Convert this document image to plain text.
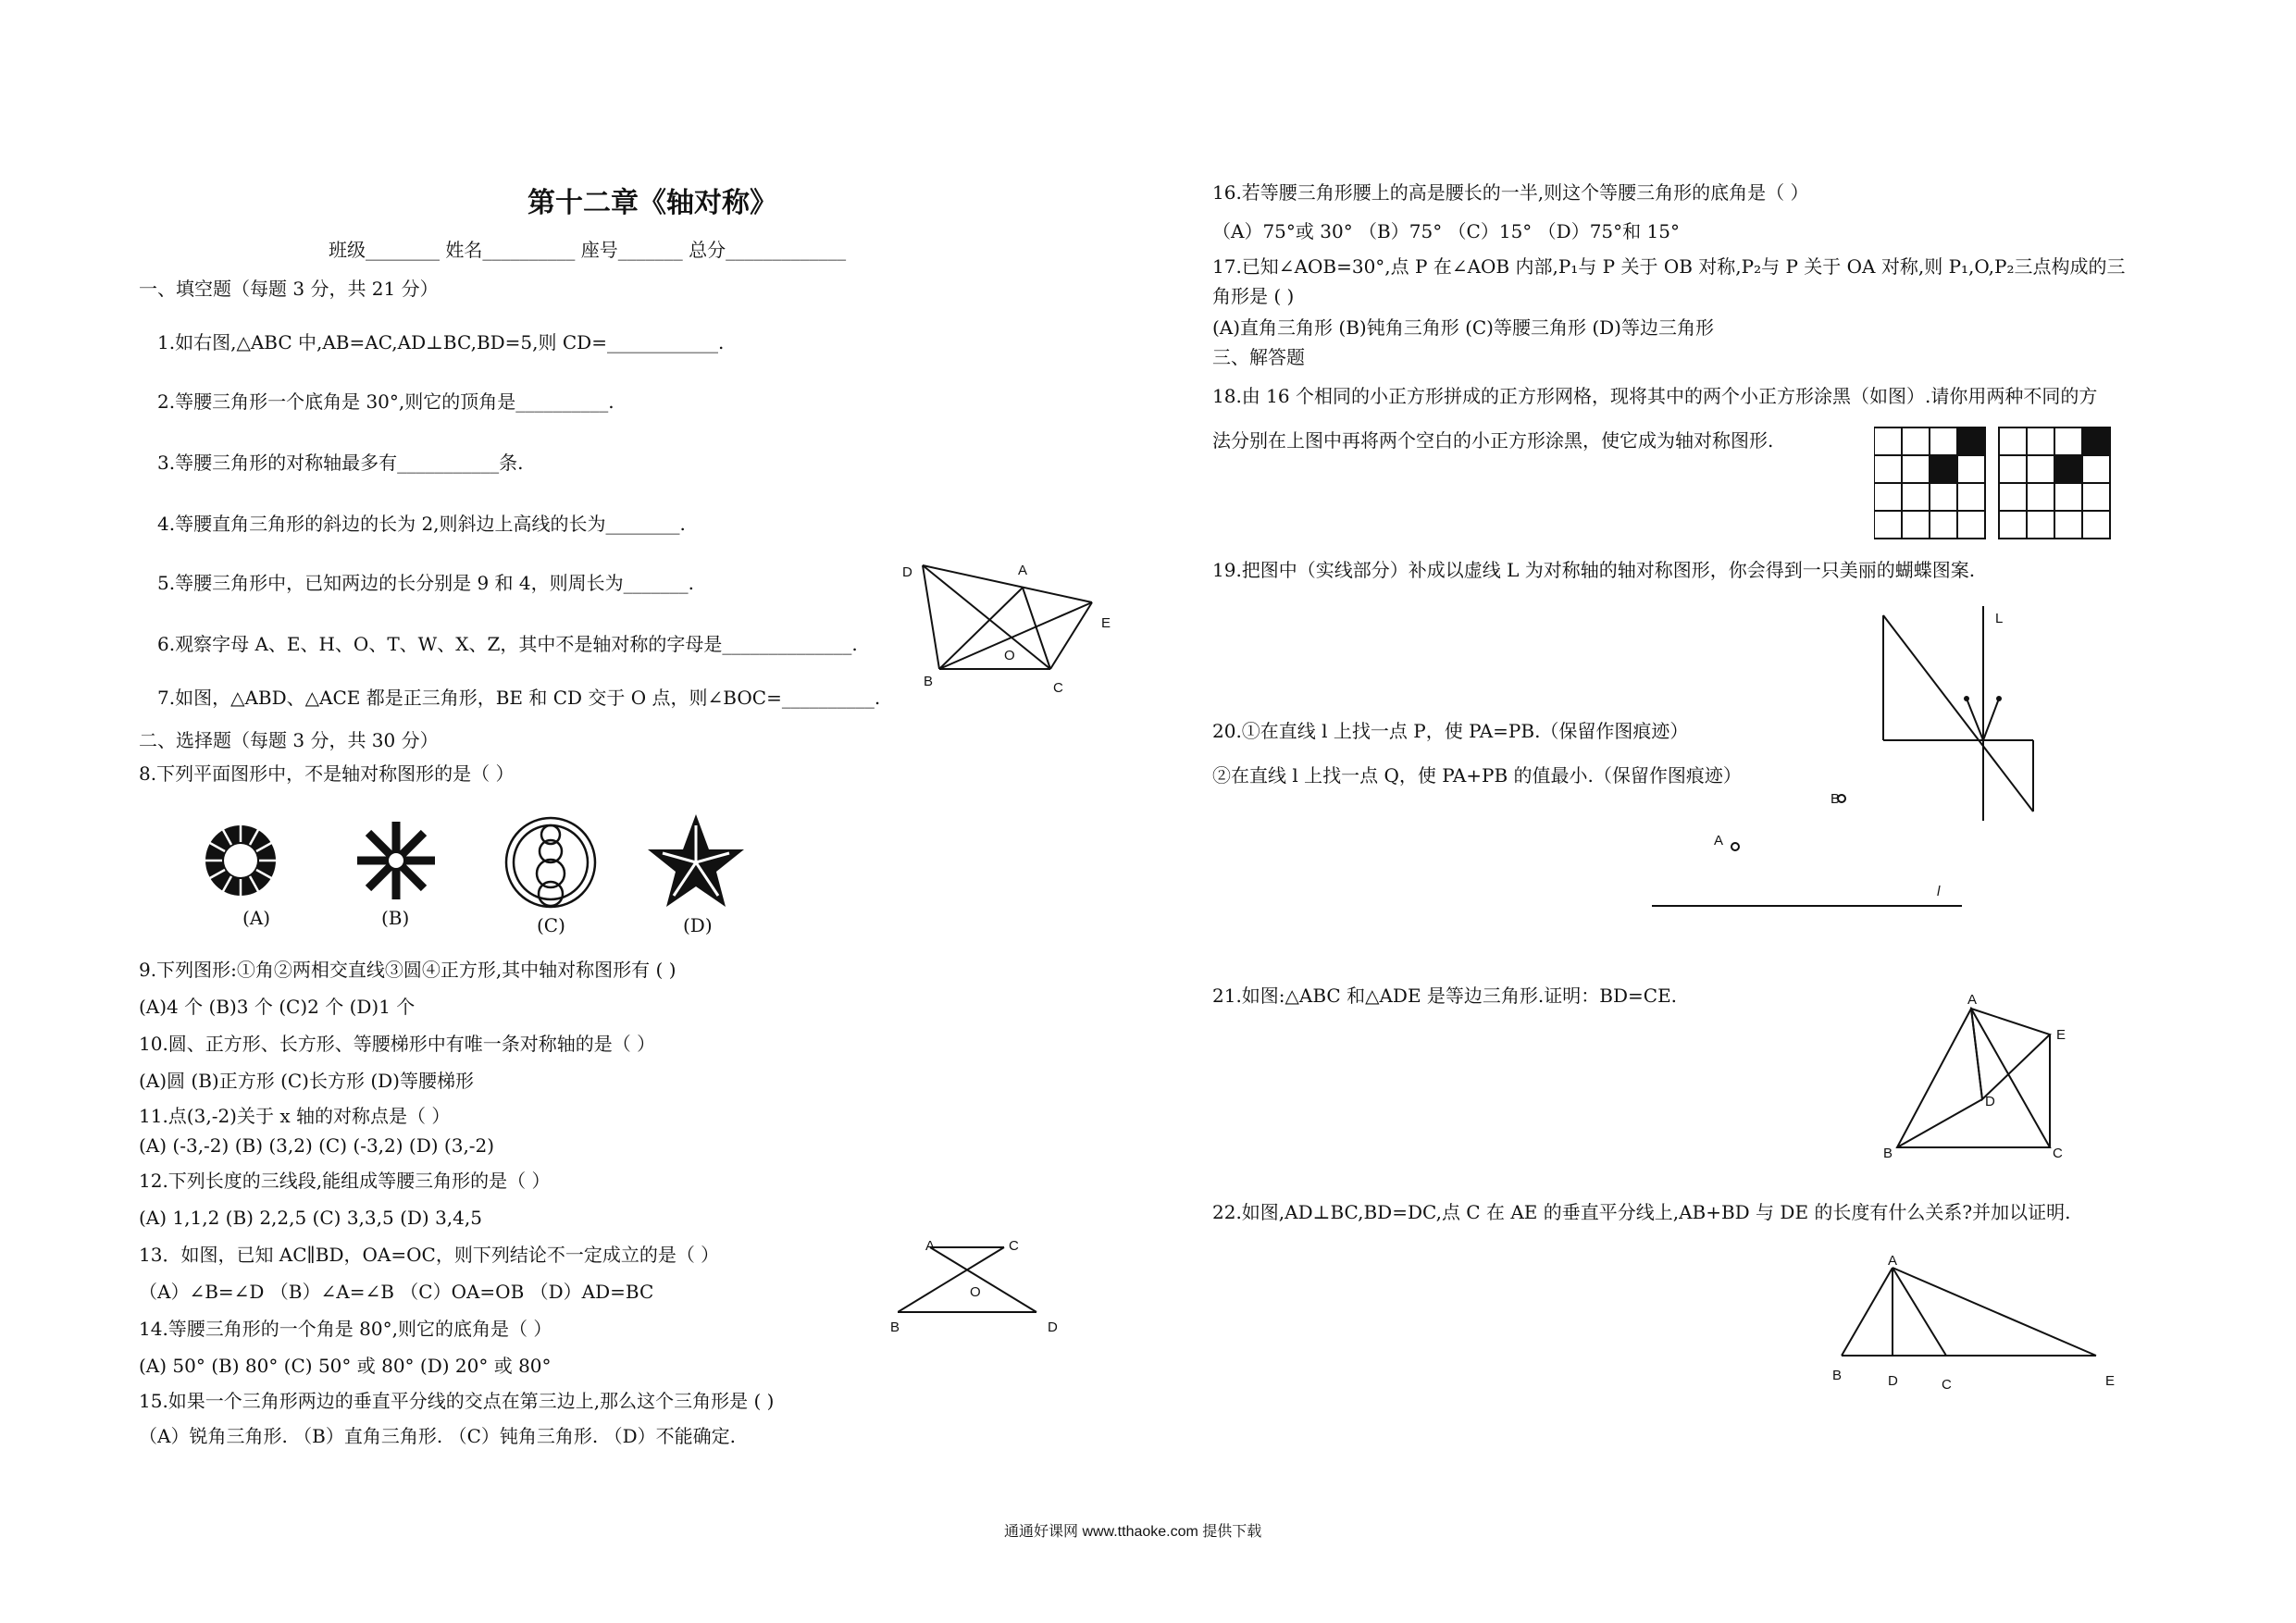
第十二章《轴对称》
班级________ 姓名__________ 座号_______ 总分_____________
一、填空题（每题 3 分，共 21 分）
1.如右图,△ABC 中,AB=AC,AD⊥BC,BD=5,则 CD=____________.
2.等腰三角形一个底角是 30°,则它的顶角是__________.
3.等腰三角形的对称轴最多有___________条.
4.等腰直角三角形的斜边的长为 2,则斜边上高线的长为________.
5.等腰三角形中，已知两边的长分别是 9 和 4，则周长为_______.
6.观察字母 A、E、H、O、T、W、X、Z，其中不是轴对称的字母是______________.
7.如图，△ABD、△ACE 都是正三角形，BE 和 CD 交于 O 点，则∠BOC=__________.
二、选择题（每题 3 分，共 30 分）
8.下列平面图形中，不是轴对称图形的是（ ）
(A)	(B)	(C)	(D)
9.下列图形:①角②两相交直线③圆④正方形,其中轴对称图形有 ( )
(A)4 个 (B)3 个 (C)2 个 (D)1 个
10.圆、正方形、长方形、等腰梯形中有唯一条对称轴的是（ ）
(A)圆 (B)正方形 (C)长方形 (D)等腰梯形
11.点(3,-2)关于 x 轴的对称点是（ ）
(A) (-3,-2) (B) (3,2) (C) (-3,2) (D) (3,-2)
12.下列长度的三线段,能组成等腰三角形的是（ ）
(A) 1,1,2 (B) 2,2,5 (C) 3,3,5 (D) 3,4,5
13．如图，已知 AC∥BD，OA=OC，则下列结论不一定成立的是（ ）
（A）∠B=∠D （B）∠A=∠B （C）OA=OB （D）AD=BC
14.等腰三角形的一个角是 80°,则它的底角是（ ）
(A) 50° (B) 80° (C) 50° 或 80° (D) 20° 或 80°
15.如果一个三角形两边的垂直平分线的交点在第三边上,那么这个三角形是 ( )
（A）锐角三角形. （B）直角三角形. （C）钝角三角形. （D）不能确定.
D	A
E
O
B	C
A	C
O
B	D
16.若等腰三角形腰上的高是腰长的一半,则这个等腰三角形的底角是（ ）
（A）75°或 30° （B）75° （C）15° （D）75°和 15°
17.已知∠AOB=30°,点 P 在∠AOB 内部,P₁与 P 关于 OB 对称,P₂与 P 关于 OA 对称,则 P₁,O,P₂三点构成的三
角形是 ( )
(A)直角三角形 (B)钝角三角形 (C)等腰三角形 (D)等边三角形
三、解答题
18.由 16 个相同的小正方形拼成的正方形网格，现将其中的两个小正方形涂黑（如图）.请你用两种不同的方
法分别在上图中再将两个空白的小正方形涂黑，使它成为轴对称图形.
19.把图中（实线部分）补成以虚线 L 为对称轴的轴对称图形，你会得到一只美丽的蝴蝶图案.
L
20.①在直线 l 上找一点 P，使 PA=PB.（保留作图痕迹）
②在直线 l 上找一点 Q，使 PA+PB 的值最小.（保留作图痕迹）
B
A
l
21.如图:△ABC 和△ADE 是等边三角形.证明：BD=CE.	A
E
D
B	C
22.如图,AD⊥BC,BD=DC,点 C 在 AE 的垂直平分线上,AB+BD 与 DE 的长度有什么关系?并加以证明.
A
B	D	C	E
通通好课网 www.tthaoke.com 提供下载
